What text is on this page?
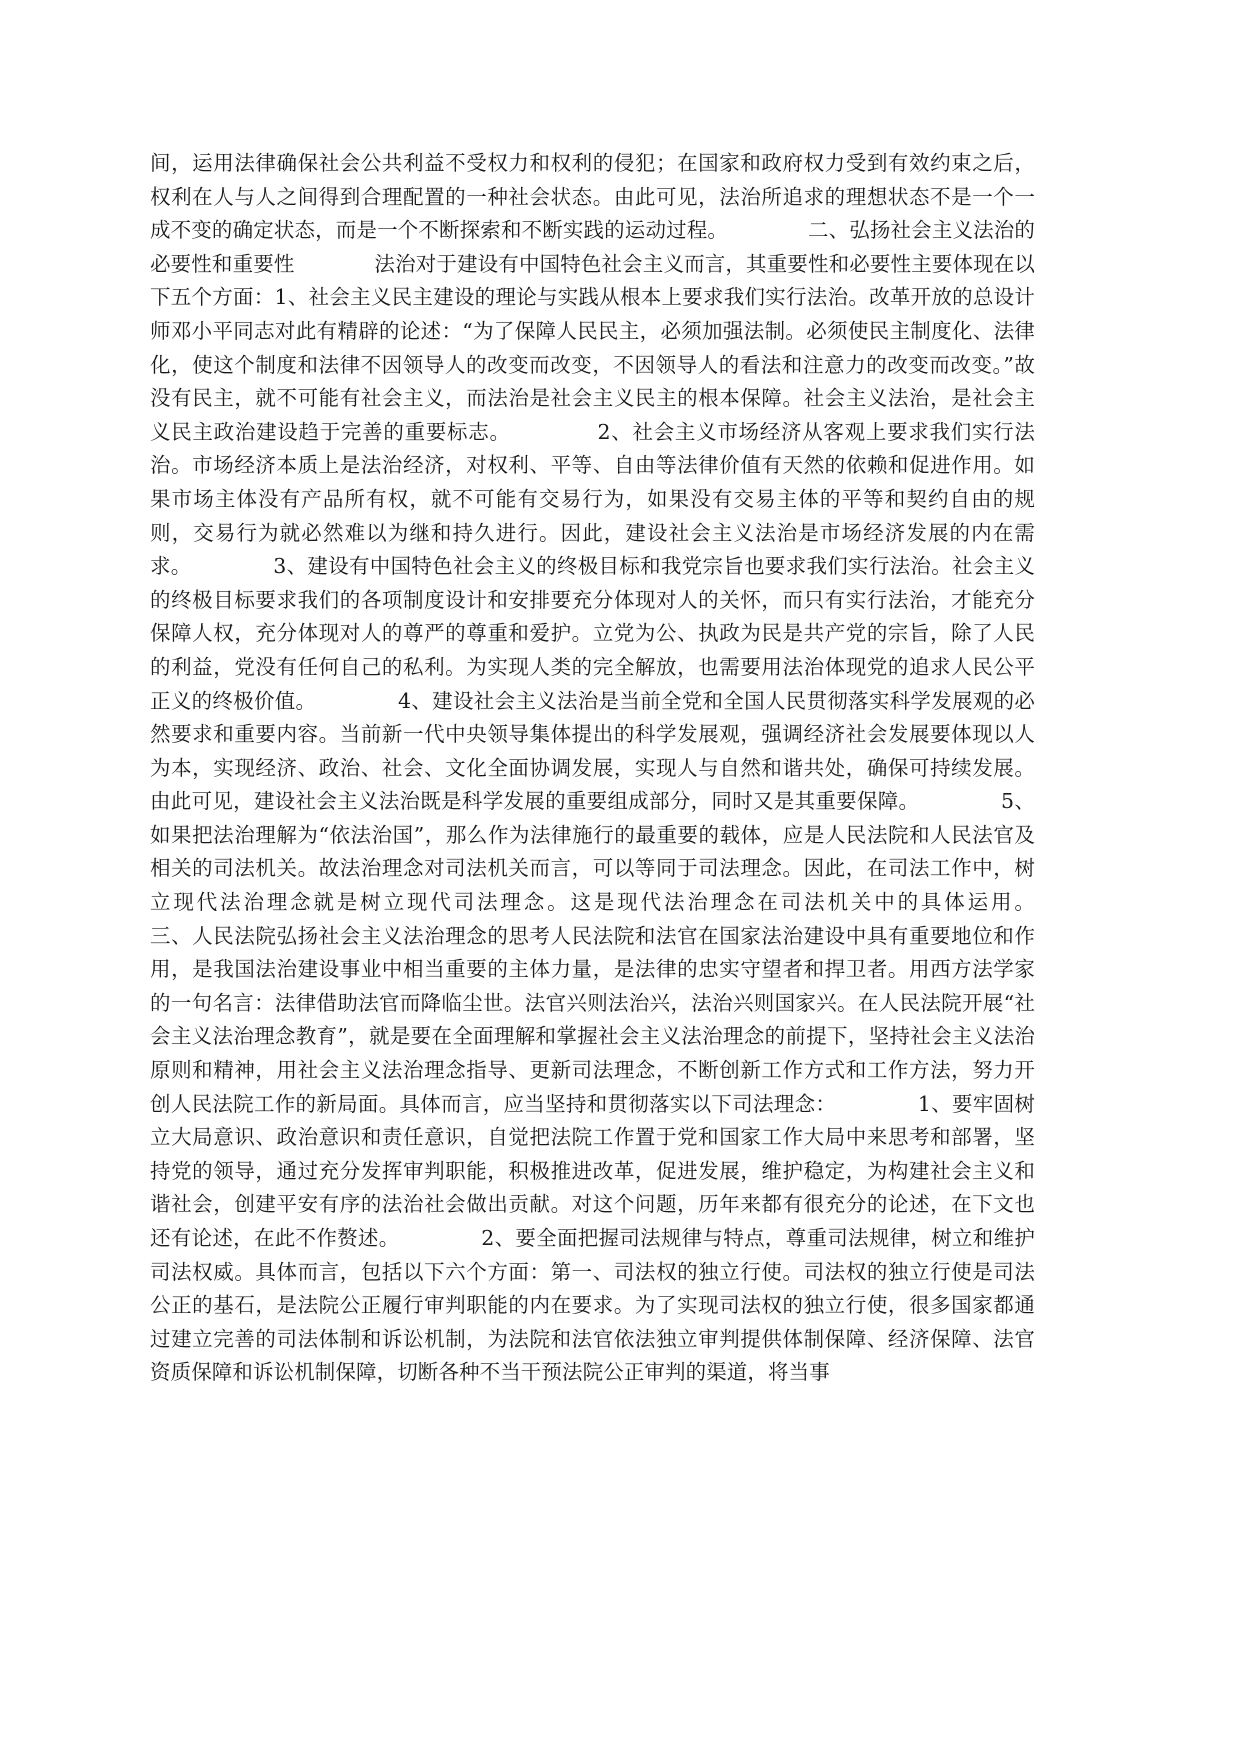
间，运用法律确保社会公共利益不受权力和权利的侵犯；在国家和政府权力受到有效约束之后，权利在人与人之间得到合理配置的一种社会状态。由此可见，法治所追求的理想状态不是一个一成不变的确定状态，而是一个不断探索和不断实践的运动过程。            二、弘扬社会主义法治的必要性和重要性            法治对于建设有中国特色社会主义而言，其重要性和必要性主要体现在以下五个方面：1、社会主义民主建设的理论与实践从根本上要求我们实行法治。改革开放的总设计师邓小平同志对此有精辟的论述：“为了保障人民民主，必须加强法制。必须使民主制度化、法律化，使这个制度和法律不因领导人的改变而改变，不因领导人的看法和注意力的改变而改变。”故没有民主，就不可能有社会主义，而法治是社会主义民主的根本保障。社会主义法治，是社会主义民主政治建设趋于完善的重要标志。            2、社会主义市场经济从客观上要求我们实行法治。市场经济本质上是法治经济，对权利、平等、自由等法律价值有天然的依赖和促进作用。如果市场主体没有产品所有权，就不可能有交易行为，如果没有交易主体的平等和契约自由的规则，交易行为就必然难以为继和持久进行。因此，建设社会主义法治是市场经济发展的内在需求。            3、建设有中国特色社会主义的终极目标和我党宗旨也要求我们实行法治。社会主义的终极目标要求我们的各项制度设计和安排要充分体现对人的关怀，而只有实行法治，才能充分保障人权，充分体现对人的尊严的尊重和爱护。立党为公、执政为民是共产党的宗旨，除了人民的利益，党没有任何自己的私利。为实现人类的完全解放，也需要用法治体现党的追求人民公平正义的终极价值。            4、建设社会主义法治是当前全党和全国人民贯彻落实科学发展观的必然要求和重要内容。当前新一代中央领导集体提出的科学发展观，强调经济社会发展要体现以人为本，实现经济、政治、社会、文化全面协调发展，实现人与自然和谐共处，确保可持续发展。由此可见，建设社会主义法治既是科学发展的重要组成部分，同时又是其重要保障。            5、如果把法治理解为“依法治国”，那么作为法律施行的最重要的载体，应是人民法院和人民法官及相关的司法机关。故法治理念对司法机关而言，可以等同于司法理念。因此，在司法工作中，树立现代法治理念就是树立现代司法理念。这是现代法治理念在司法机关中的具体运用。            三、人民法院弘扬社会主义法治理念的思考人民法院和法官在国家法治建设中具有重要地位和作用，是我国法治建设事业中相当重要的主体力量，是法律的忠实守望者和捍卫者。用西方法学家的一句名言：法律借助法官而降临尘世。法官兴则法治兴，法治兴则国家兴。在人民法院开展“社会主义法治理念教育”，就是要在全面理解和掌握社会主义法治理念的前提下，坚持社会主义法治原则和精神，用社会主义法治理念指导、更新司法理念，不断创新工作方式和工作方法，努力开创人民法院工作的新局面。具体而言，应当坚持和贯彻落实以下司法理念：            1、要牢固树立大局意识、政治意识和责任意识，自觉把法院工作置于党和国家工作大局中来思考和部署，坚持党的领导，通过充分发挥审判职能，积极推进改革，促进发展，维护稳定，为构建社会主义和谐社会，创建平安有序的法治社会做出贡献。对这个问题，历年来都有很充分的论述，在下文也还有论述，在此不作赘述。            2、要全面把握司法规律与特点，尊重司法规律，树立和维护司法权威。具体而言，包括以下六个方面：第一、司法权的独立行使。司法权的独立行使是司法公正的基石，是法院公正履行审判职能的内在要求。为了实现司法权的独立行使，很多国家都通过建立完善的司法体制和诉讼机制，为法院和法官依法独立审判提供体制保障、经济保障、法官资质保障和诉讼机制保障，切断各种不当干预法院公正审判的渠道，将当事
